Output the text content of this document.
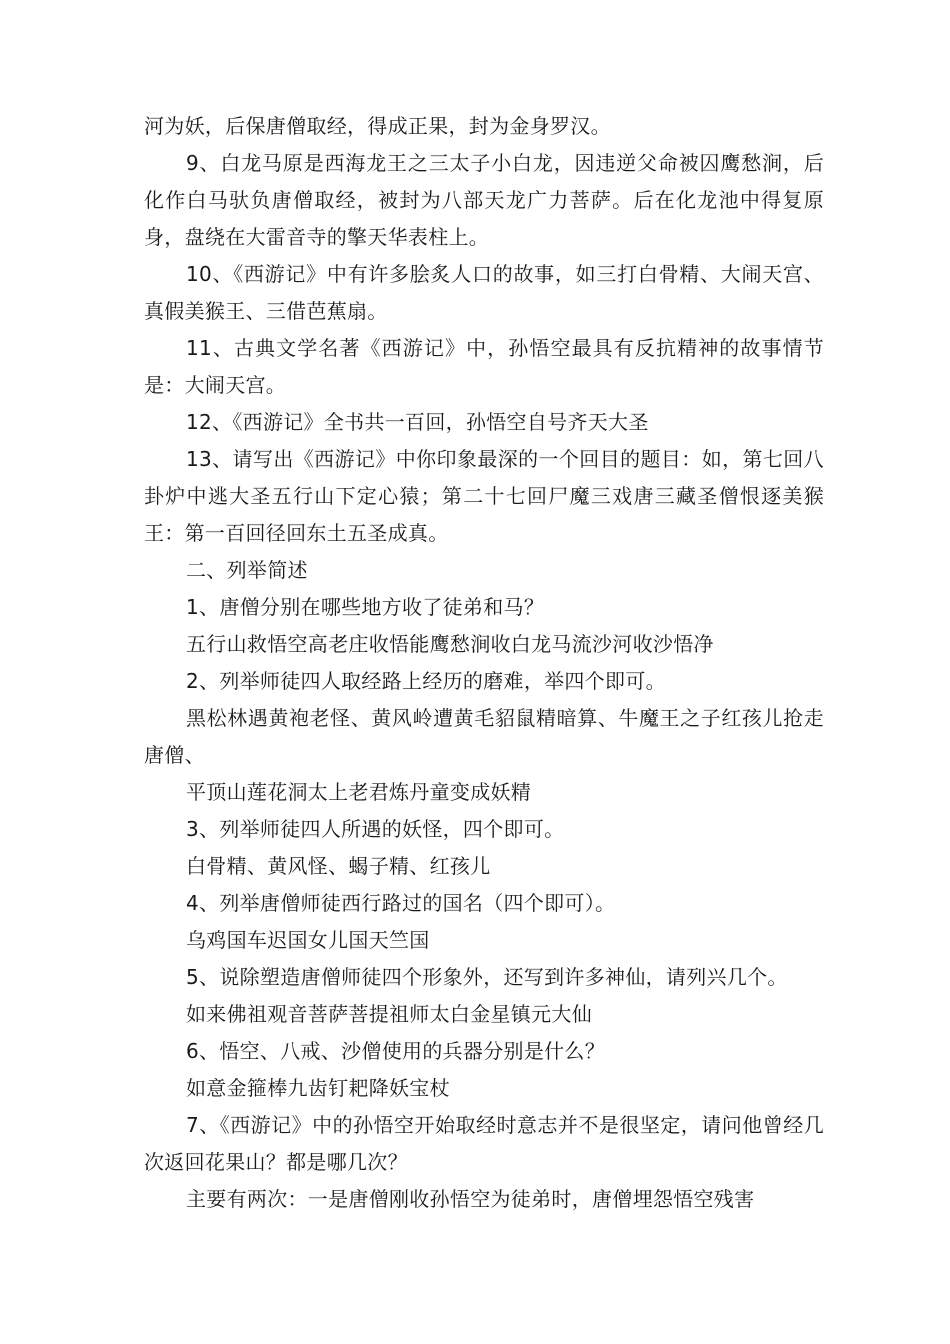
河为妖，后保唐僧取经，得成正果，封为金身罗汉。

9、白龙马原是西海龙王之三太子小白龙，因违逆父命被囚鹰愁涧，后化作白马驮负唐僧取经，被封为八部天龙广力菩萨。后在化龙池中得复原身，盘绕在大雷音寺的擎天华表柱上。

10、《西游记》中有许多脍炙人口的故事，如三打白骨精、大闹天宫、真假美猴王、三借芭蕉扇。

11、古典文学名著《西游记》中，孙悟空最具有反抗精神的故事情节是：大闹天宫。

12、《西游记》全书共一百回，孙悟空自号齐天大圣

13、请写出《西游记》中你印象最深的一个回目的题目：如，第七回八卦炉中逃大圣五行山下定心猿；第二十七回尸魔三戏唐三藏圣僧恨逐美猴王：第一百回径回东土五圣成真。

二、列举简述

1、唐僧分别在哪些地方收了徒弟和马？

五行山救悟空高老庄收悟能鹰愁涧收白龙马流沙河收沙悟净

2、列举师徒四人取经路上经历的磨难，举四个即可。

黑松林遇黄袍老怪、黄风岭遭黄毛貂鼠精暗算、牛魔王之子红孩儿抢走唐僧、

平顶山莲花洞太上老君炼丹童变成妖精

3、列举师徒四人所遇的妖怪，四个即可。

白骨精、黄风怪、蝎子精、红孩儿

4、列举唐僧师徒西行路过的国名（四个即可）。

乌鸡国车迟国女儿国天竺国

5、说除塑造唐僧师徒四个形象外，还写到许多神仙，请列兴几个。

如来佛祖观音菩萨菩提祖师太白金星镇元大仙

6、悟空、八戒、沙僧使用的兵器分别是什么？

如意金箍棒九齿钉耙降妖宝杖

7、《西游记》中的孙悟空开始取经时意志并不是很坚定，请问他曾经几次返回花果山？都是哪几次？

主要有两次：一是唐僧刚收孙悟空为徒弟时，唐僧埋怨悟空残害
